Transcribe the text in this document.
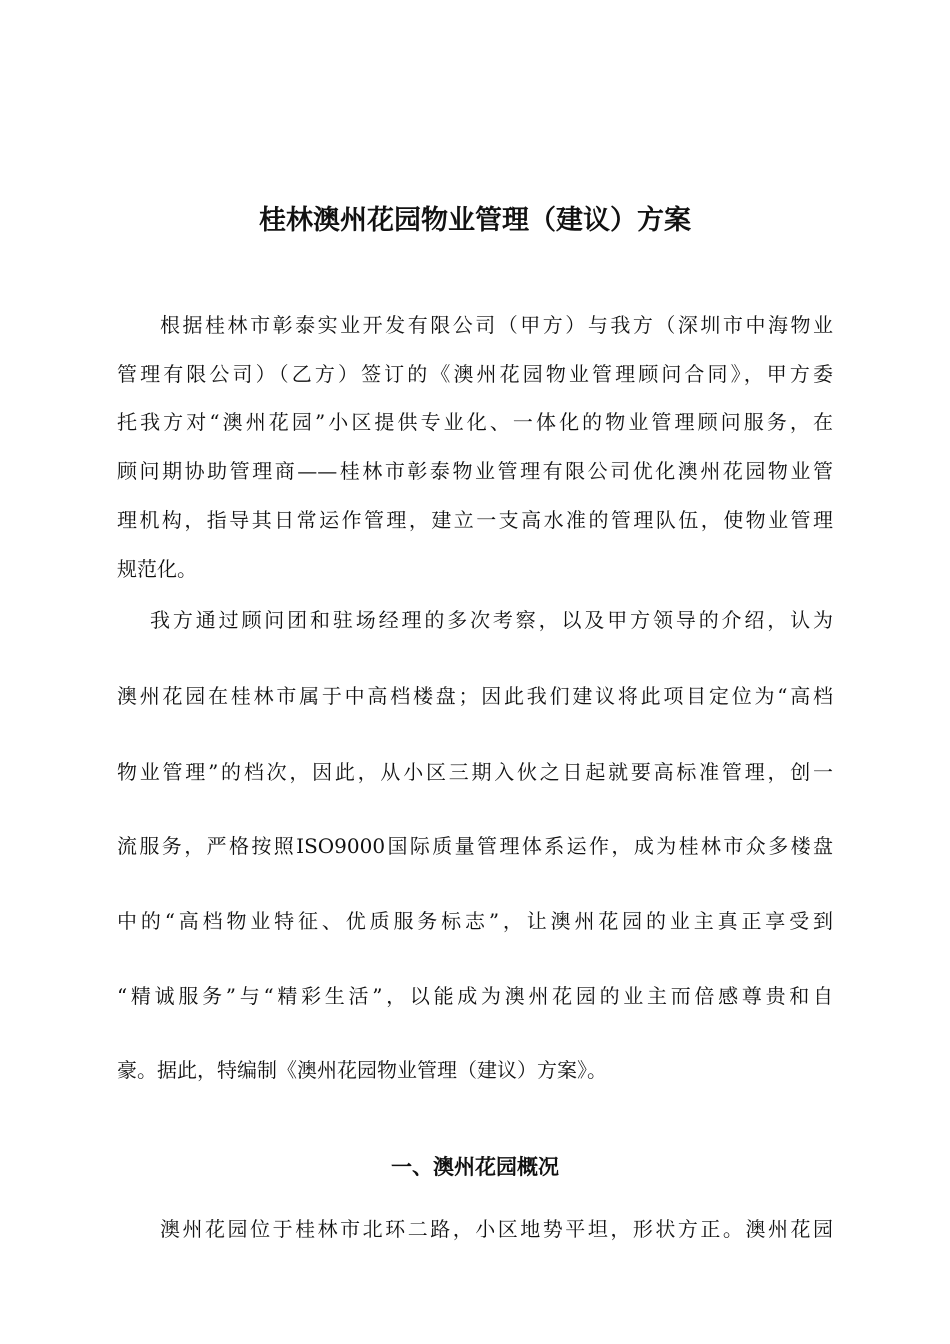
桂林澳州花园物业管理（建议）方案
根据桂林市彰泰实业开发有限公司（甲方）与我方（深圳市中海物业
管理有限公司）（乙方）签订的《澳州花园物业管理顾问合同》，甲方委
托我方对“澳州花园”小区提供专业化、一体化的物业管理顾问服务，在
顾问期协助管理商——桂林市彰泰物业管理有限公司优化澳州花园物业管
理机构，指导其日常运作管理，建立一支高水准的管理队伍，使物业管理
规范化。
我方通过顾问团和驻场经理的多次考察，以及甲方领导的介绍，认为
澳州花园在桂林市属于中高档楼盘；因此我们建议将此项目定位为“高档
物业管理”的档次，因此，从小区三期入伙之日起就要高标准管理，创一
流服务，严格按照ISO9000国际质量管理体系运作，成为桂林市众多楼盘
中的“高档物业特征、优质服务标志”，让澳州花园的业主真正享受到
“精诚服务”与“精彩生活”，以能成为澳州花园的业主而倍感尊贵和自
豪。据此，特编制《澳州花园物业管理（建议）方案》。
一、澳州花园概况
澳州花园位于桂林市北环二路，小区地势平坦，形状方正。澳州花园
